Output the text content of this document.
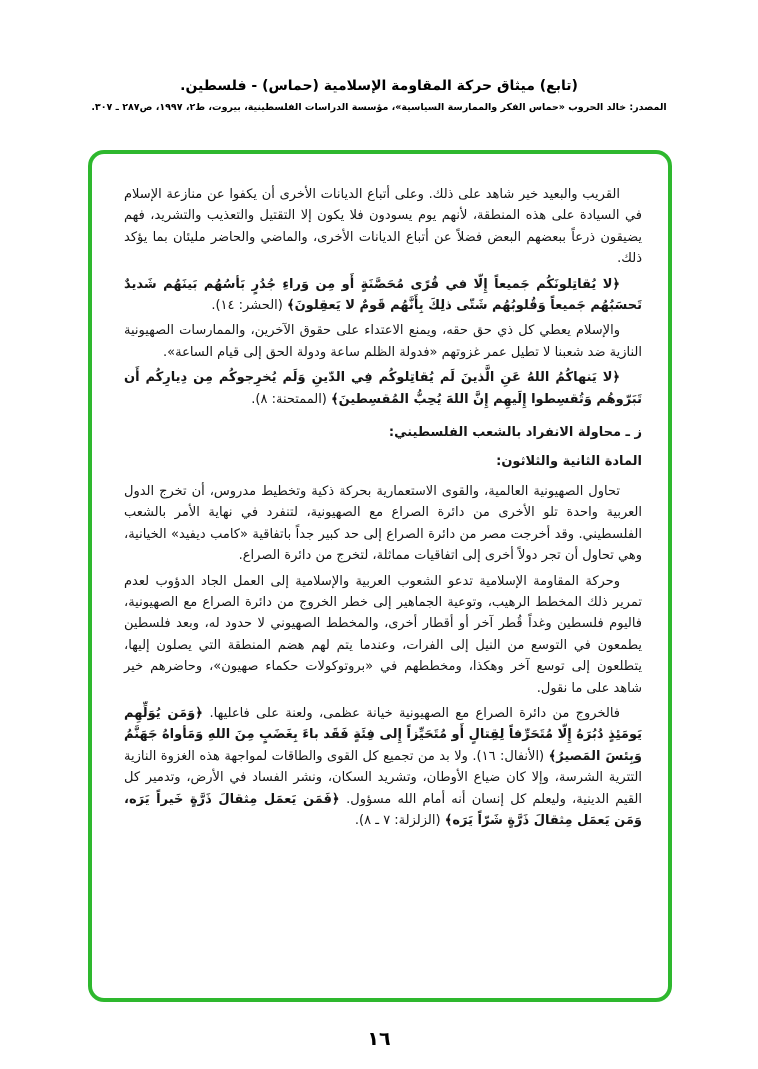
(تابع) ميثاق حركة المقاومة الإسلامية (حماس) - فلسطين.
المصدر: خالد الحروب «حماس الفكر والممارسة السياسية»، مؤسسة الدراسات الفلسطينية، بيروت، ط٢، ١٩٩٧، ص٢٨٧ ـ ٣٠٧.

القريب والبعيد خير شاهد على ذلك. وعلى أتباع الديانات الأخرى أن يكفوا عن منازعة الإسلام في السيادة على هذه المنطقة، لأنهم يوم يسودون فلا يكون إلا التقتيل والتعذيب والتشريد، فهم يضيقون ذرعاً ببعضهم البعض فضلاً عن أتباع الديانات الأخرى، والماضي والحاضر مليئان بما يؤكد ذلك.

﴿لا يُقاتِلونَكُم جَميعاً إِلّا في قُرًى مُحَصَّنَةٍ أَو مِن وَراءِ جُدُرٍ بَأسُهُم بَينَهُم شَديدٌ تَحسَبُهُم جَميعاً وَقُلوبُهُم شَتّى ذلِكَ بِأَنَّهُم قَومٌ لا يَعقِلونَ﴾ (الحشر: ١٤).

والإسلام يعطي كل ذي حق حقه، ويمنع الاعتداء على حقوق الآخرين، والممارسات الصهيونية النازية ضد شعبنا لا تطيل عمر غزوتهم «فدولة الظلم ساعة ودولة الحق إلى قيام الساعة».

﴿لا يَنهاكُمُ اللهُ عَنِ الَّذينَ لَم يُقاتِلوكُم فِي الدّينِ وَلَم يُخرِجوكُم مِن دِيارِكُم أَن تَبَرّوهُم وَتُقسِطوا إِلَيهِم إِنَّ اللهَ يُحِبُّ المُقسِطينَ﴾ (الممتحنة: ٨).

ز ـ محاولة الانفراد بالشعب الفلسطيني:

المادة الثانية والثلاثون:

تحاول الصهيونية العالمية، والقوى الاستعمارية بحركة ذكية وتخطيط مدروس، أن تخرج الدول العربية واحدة تلو الأخرى من دائرة الصراع مع الصهيونية، لتنفرد في نهاية الأمر بالشعب الفلسطيني. وقد أخرجت مصر من دائرة الصراع إلى حد كبير جداً باتفاقية «كامب ديفيد» الخيانية، وهي تحاول أن تجر دولاً أخرى إلى اتفاقيات مماثلة، لتخرج من دائرة الصراع.

وحركة المقاومة الإسلامية تدعو الشعوب العربية والإسلامية إلى العمل الجاد الدؤوب لعدم تمرير ذلك المخطط الرهيب، وتوعية الجماهير إلى خطر الخروج من دائرة الصراع مع الصهيونية، فاليوم فلسطين وغداً قُطر آخر أو أقطار أخرى، والمخطط الصهيوني لا حدود له، وبعد فلسطين يطمعون في التوسع من النيل إلى الفرات، وعندما يتم لهم هضم المنطقة التي يصلون إليها، يتطلعون إلى توسع آخر وهكذا، ومخططهم في «بروتوكولات حكماء صهيون»، وحاضرهم خير شاهد على ما نقول.

فالخروج من دائرة الصراع مع الصهيونية خيانة عظمى، ولعنة على فاعليها. ﴿وَمَن يُوَلِّهِم يَومَئِذٍ دُبُرَهُ إِلّا مُتَحَرِّفاً لِقِتالٍ أَو مُتَحَيِّزاً إِلى فِئَةٍ فَقَد باءَ بِغَضَبٍ مِنَ اللهِ وَمَأواهُ جَهَنَّمُ وَبِئسَ المَصيرُ﴾ (الأنفال: ١٦). ولا بد من تجميع كل القوى والطاقات لمواجهة هذه الغزوة النازية التترية الشرسة، وإلا كان ضياع الأوطان، وتشريد السكان، ونشر الفساد في الأرض، وتدمير كل القيم الدينية، وليعلم كل إنسان أنه أمام الله مسؤول. ﴿فَمَن يَعمَل مِثقالَ ذَرَّةٍ خَيراً يَرَه، وَمَن يَعمَل مِثقالَ ذَرَّةٍ شَرّاً يَرَه﴾ (الزلزلة: ٧ ـ ٨).

١٦
